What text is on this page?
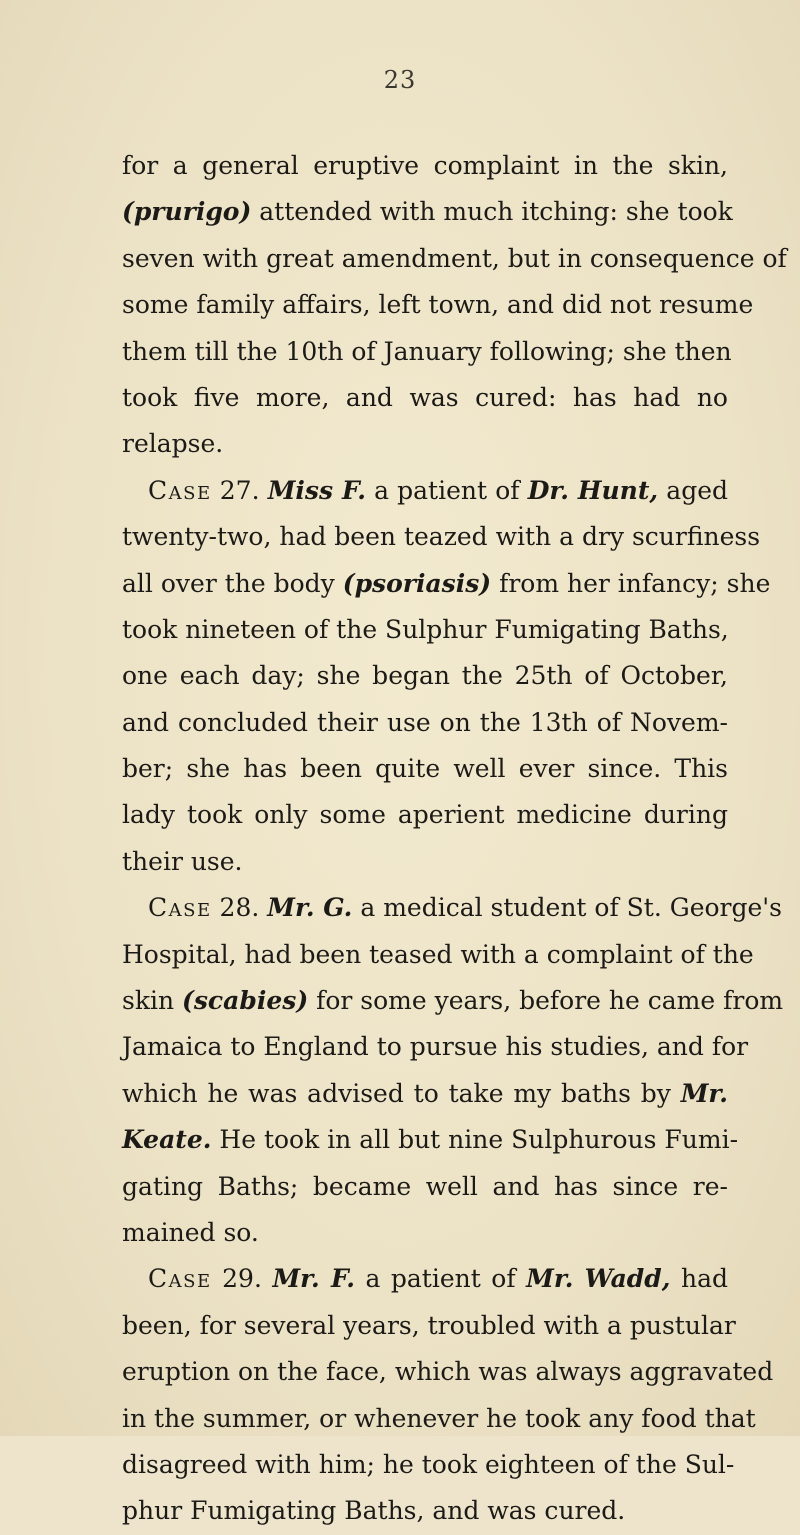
23
for a general eruptive complaint in the skin,
(prurigo) attended with much itching: she took
seven with great amendment, but in consequence of
some family affairs, left town, and did not resume
them till the 10th of January following; she then
took five more, and was cured: has had no
relapse.
Case 27. Miss F. a patient of Dr. Hunt, aged
twenty-two, had been teazed with a dry scurfiness
all over the body (psoriasis) from her infancy; she
took nineteen of the Sulphur Fumigating Baths,
one each day; she began the 25th of October,
and concluded their use on the 13th of Novem-
ber; she has been quite well ever since. This
lady took only some aperient medicine during
their use.
Case 28. Mr. G. a medical student of St. George's
Hospital, had been teased with a complaint of the
skin (scabies) for some years, before he came from
Jamaica to England to pursue his studies, and for
which he was advised to take my baths by Mr.
Keate. He took in all but nine Sulphurous Fumi-
gating Baths; became well and has since re-
mained so.
Case 29. Mr. F. a patient of Mr. Wadd, had
been, for several years, troubled with a pustular
eruption on the face, which was always aggravated
in the summer, or whenever he took any food that
disagreed with him; he took eighteen of the Sul-
phur Fumigating Baths, and was cured.
